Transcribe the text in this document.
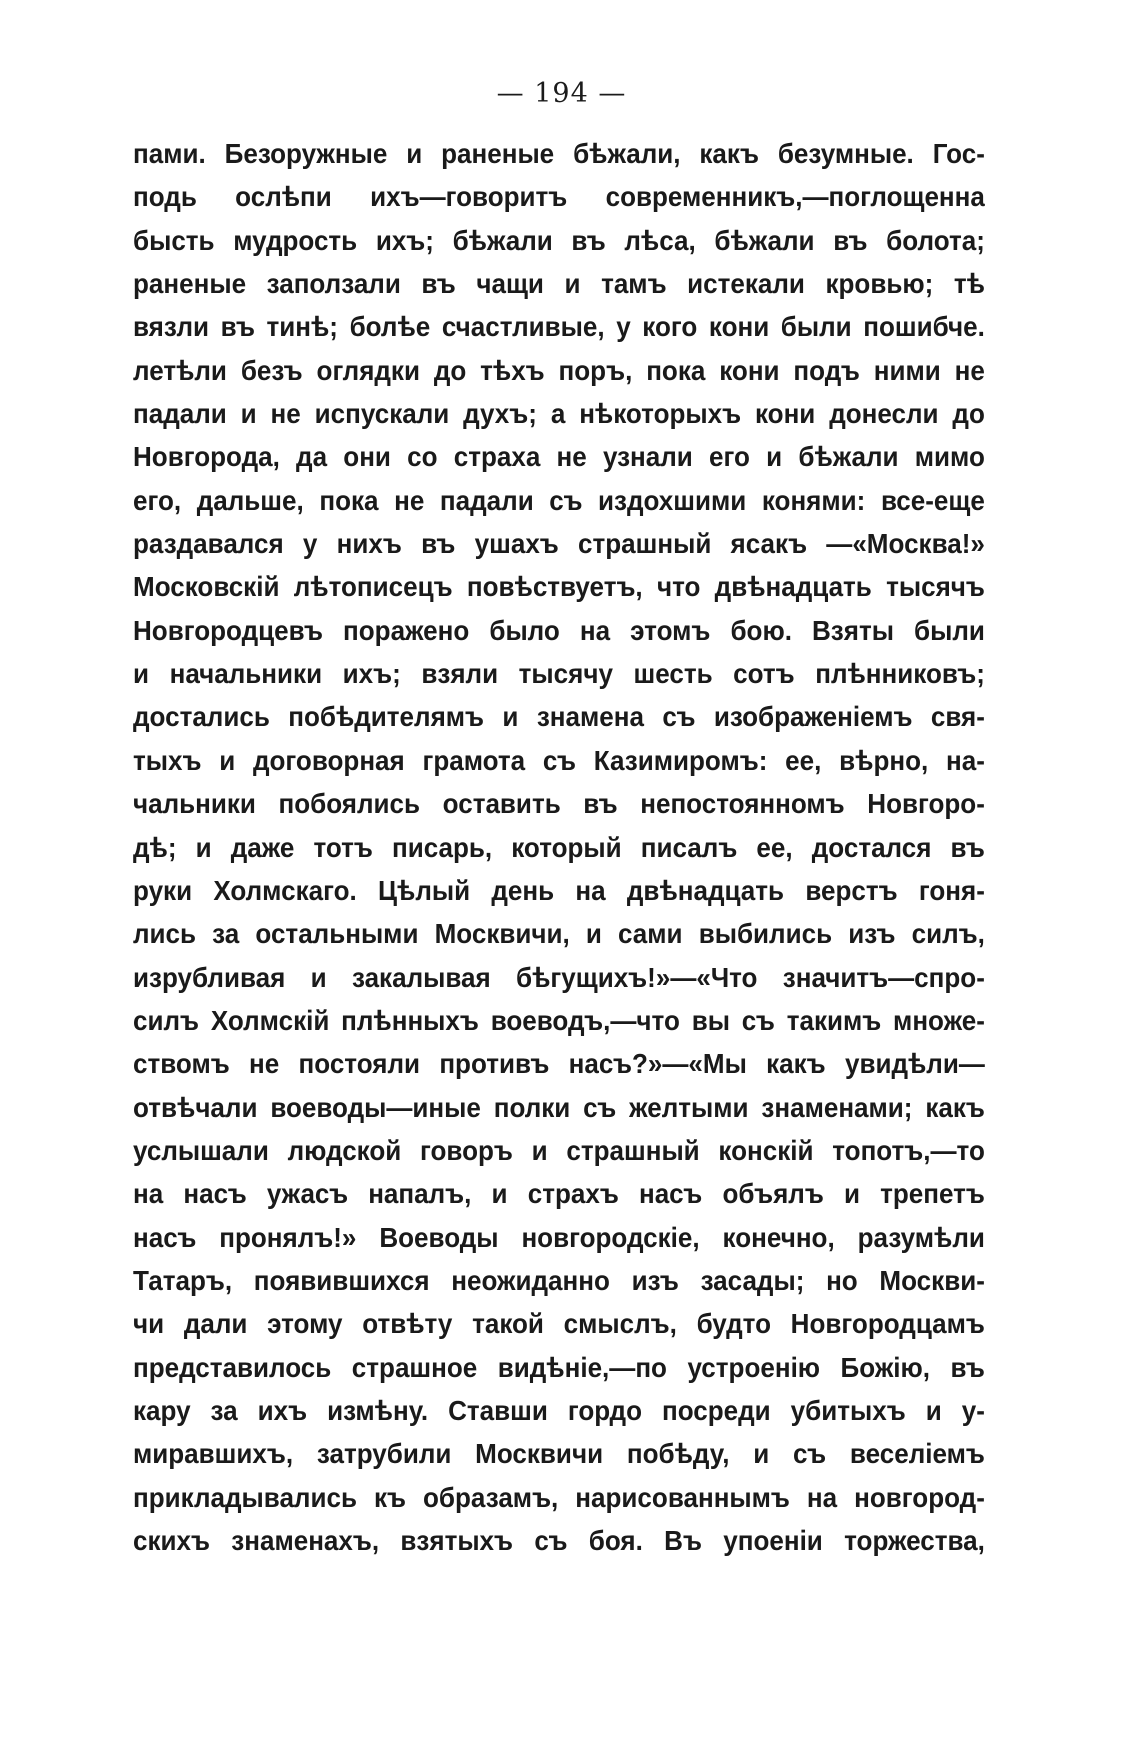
— 194 —
пами. Безоружные и раненые бѣжали, какъ безумные. Гос-
подь ослѣпи ихъ—говоритъ современникъ,—поглощенна
бысть мудрость ихъ; бѣжали въ лѣса, бѣжали въ болота;
раненые заползали въ чащи и тамъ истекали кровью; тѣ
вязли въ тинѣ; болѣе счастливые, у кого кони были пошибче.
летѣли безъ оглядки до тѣхъ поръ, пока кони подъ ними не
падали и не испускали духъ; а нѣкоторыхъ кони донесли до
Новгорода, да они со страха не узнали его и бѣжали мимо
его, дальше, пока не падали съ издохшими конями: все-еще
раздавался у нихъ въ ушахъ страшный ясакъ —«Москва!»
Московскій лѣтописецъ повѣствуетъ, что двѣнадцать тысячъ
Новгородцевъ поражено было на этомъ бою. Взяты были
и начальники ихъ; взяли тысячу шесть сотъ плѣнниковъ;
достались побѣдителямъ и знамена съ изображеніемъ свя-
тыхъ и договорная грамота съ Казимиромъ: ее, вѣрно, на-
чальники побоялись оставить въ непостоянномъ Новгоро-
дѣ; и даже тотъ писарь, который писалъ ее, достался въ
руки Холмскаго. Цѣлый день на двѣнадцать верстъ гоня-
лись за остальными Москвичи, и сами выбились изъ силъ,
изрубливая и закалывая бѣгущихъ!»—«Что значитъ—спро-
силъ Холмскій плѣнныхъ воеводъ,—что вы съ такимъ множе-
ствомъ не постояли противъ насъ?»—«Мы какъ увидѣли—
отвѣчали воеводы—иные полки съ желтыми знаменами; какъ
услышали людской говоръ и страшный конскій топотъ,—то
на насъ ужасъ напалъ, и страхъ насъ объялъ и трепетъ
насъ пронялъ!» Воеводы новгородскіе, конечно, разумѣли
Татаръ, появившихся неожиданно изъ засады; но Москви-
чи дали этому отвѣту такой смыслъ, будто Новгородцамъ
представилось страшное видѣніе,—по устроенію Божію, въ
кару за ихъ измѣну. Ставши гордо посреди убитыхъ и у-
миравшихъ, затрубили Москвичи побѣду, и съ веселіемъ
прикладывались къ образамъ, нарисованнымъ на новгород-
скихъ знаменахъ, взятыхъ съ боя. Въ упоеніи торжества,
